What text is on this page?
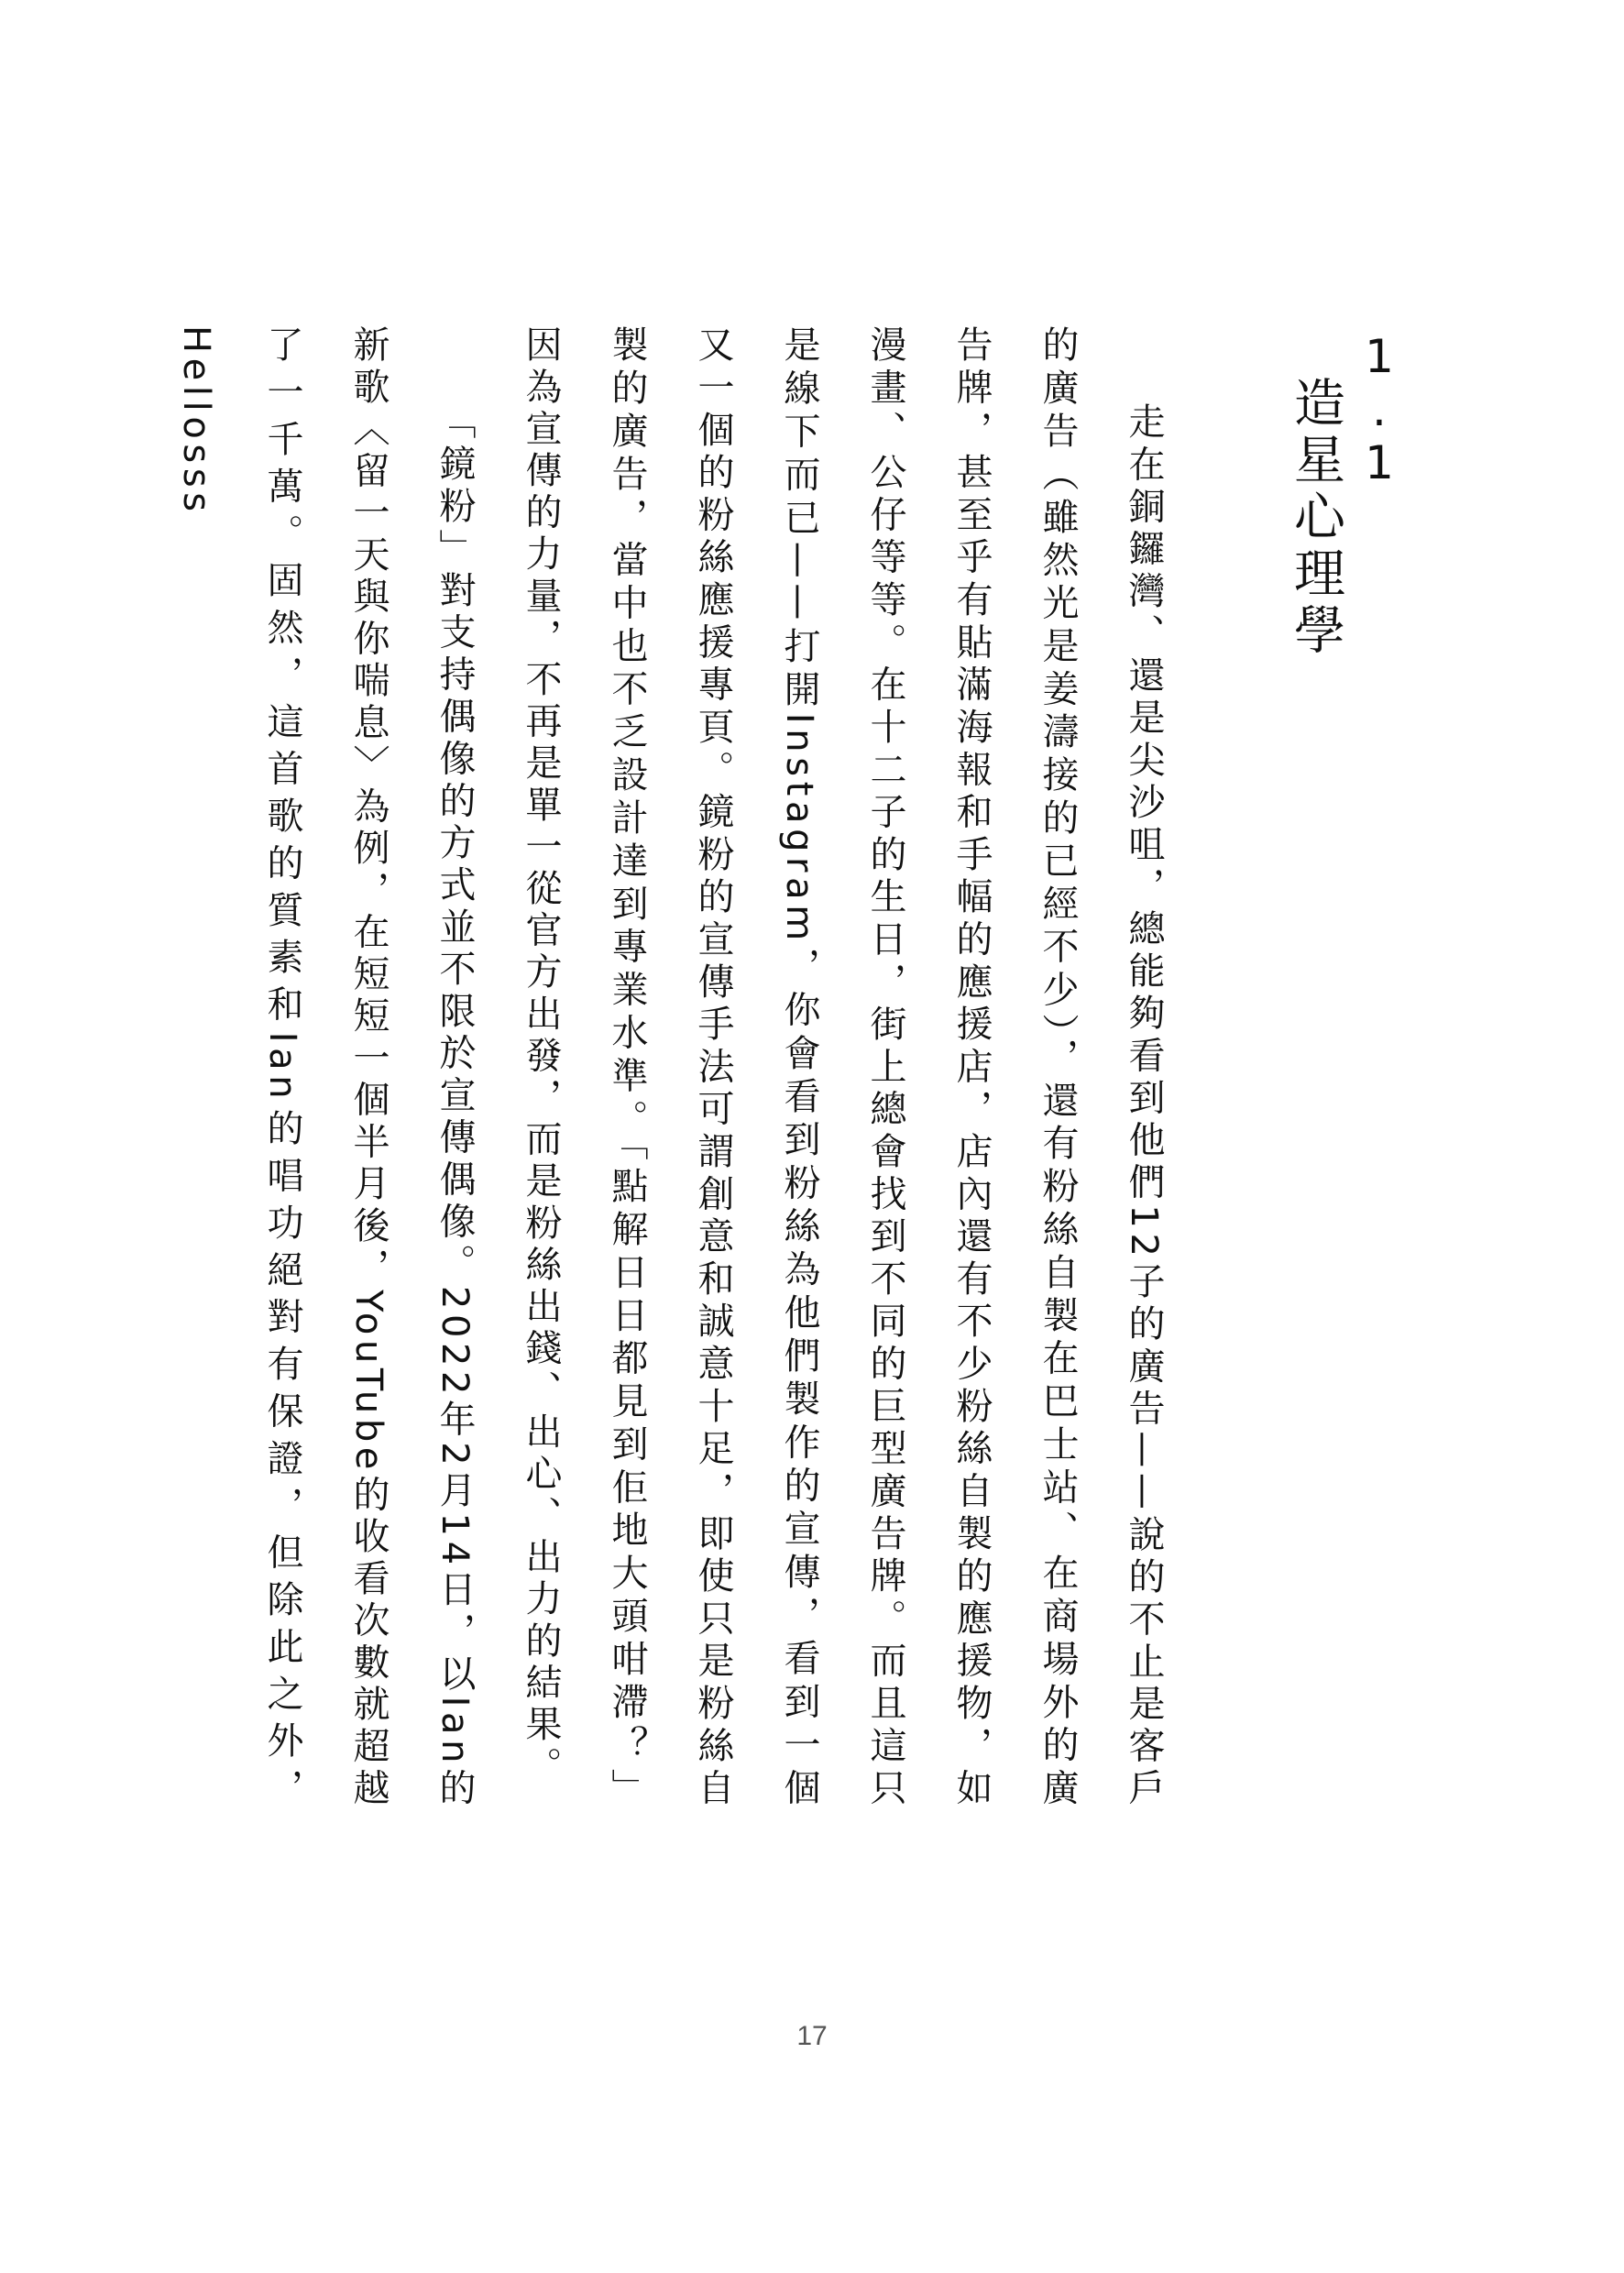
1.1 造星心理學

走在銅鑼灣、還是尖沙咀，總能夠看到他們12子的廣告——說的不止是客戶的廣告（雖然光是姜濤接的已經不少），還有粉絲自製在巴士站、在商場外的廣告牌，甚至乎有貼滿海報和手幅的應援店，店內還有不少粉絲自製的應援物，如漫畫、公仔等等。在十二子的生日，街上總會找到不同的巨型廣告牌。而且這只是線下而已——打開Instagram，你會看到粉絲為他們製作的宣傳，看到一個又一個的粉絲應援專頁。鏡粉的宣傳手法可謂創意和誠意十足，即使只是粉絲自製的廣告，當中也不乏設計達到專業水準。「點解日日都見到佢地大頭咁滯？」因為宣傳的力量，不再是單一從官方出發，而是粉絲出錢、出心、出力的結果。

「鏡粉」對支持偶像的方式並不限於宣傳偶像。2022年2月14日，以Ian的新歌〈留一天與你喘息〉為例，在短短一個半月後，YouTube的收看次數就超越了一千萬。固然，這首歌的質素和Ian的唱功絕對有保證，但除此之外，Hellosss

17
